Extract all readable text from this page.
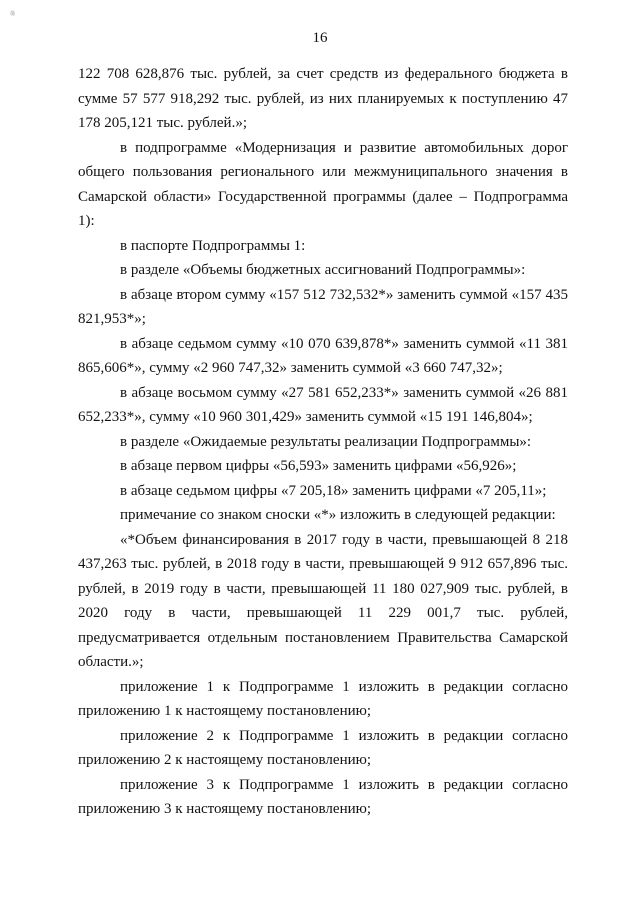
®
16

122 708 628,876 тыс. рублей, за счет средств из федерального бюджета в сумме 57 577 918,292 тыс. рублей, из них планируемых к поступлению 47 178 205,121 тыс. рублей.»;

в подпрограмме «Модернизация и развитие автомобильных дорог общего пользования регионального или межмуниципального значения в Самарской области» Государственной программы (далее – Подпрограмма 1):

в паспорте Подпрограммы 1:

в разделе «Объемы бюджетных ассигнований Подпрограммы»:

в абзаце втором сумму «157 512 732,532*» заменить суммой «157 435 821,953*»;

в абзаце седьмом сумму «10 070 639,878*» заменить суммой «11 381 865,606*», сумму «2 960 747,32» заменить суммой «3 660 747,32»;

в абзаце восьмом сумму «27 581 652,233*» заменить суммой «26 881 652,233*», сумму «10 960 301,429» заменить суммой «15 191 146,804»;

в разделе «Ожидаемые результаты реализации Подпрограммы»:

в абзаце первом цифры «56,593» заменить цифрами «56,926»;

в абзаце седьмом цифры «7 205,18» заменить цифрами «7 205,11»;

примечание со знаком сноски «*» изложить в следующей редакции:

«*Объем финансирования в 2017 году в части, превышающей 8 218 437,263 тыс. рублей, в 2018 году в части, превышающей 9 912 657,896 тыс. рублей, в 2019 году в части, превышающей 11 180 027,909 тыс. рублей, в 2020 году в части, превышающей 11 229 001,7 тыс. рублей, предусматривается отдельным постановлением Правительства Самарской области.»;

приложение 1 к Подпрограмме 1 изложить в редакции согласно приложению 1 к настоящему постановлению;

приложение 2 к Подпрограмме 1 изложить в редакции согласно приложению 2 к настоящему постановлению;

приложение 3 к Подпрограмме 1 изложить в редакции согласно приложению 3 к настоящему постановлению;
